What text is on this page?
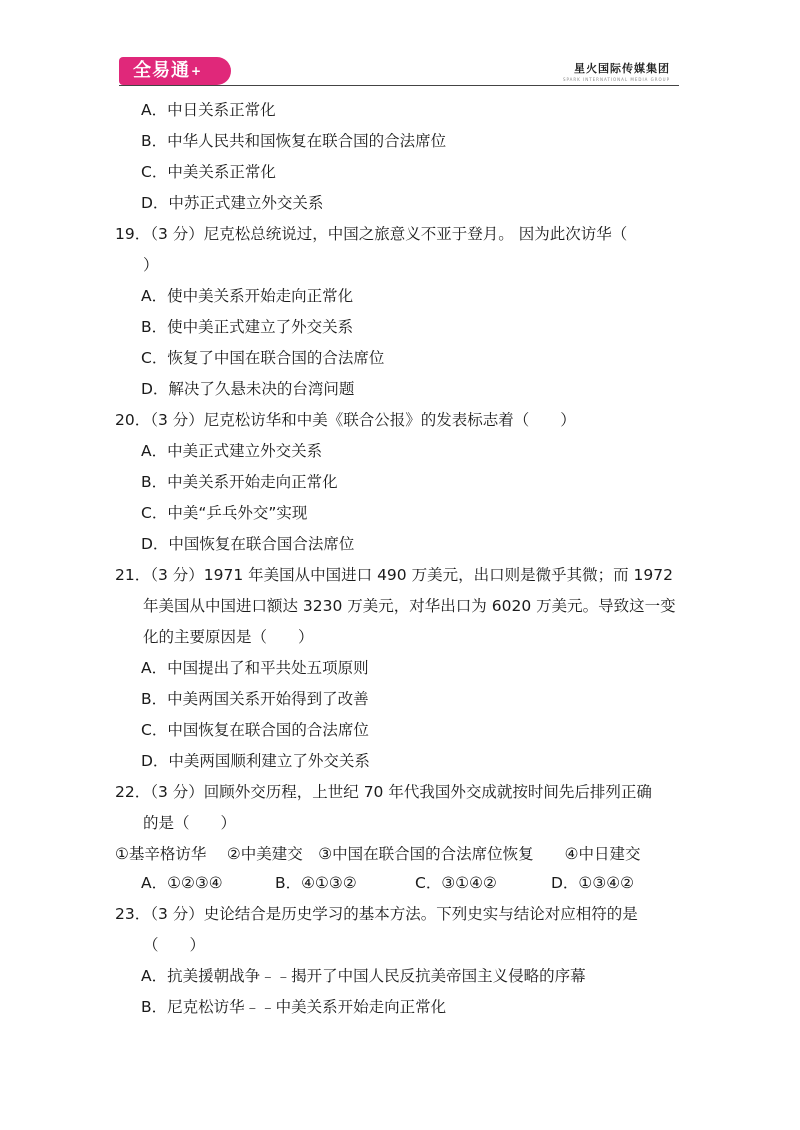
全易通+	星火国际传媒集团
SPARK INTERNATIONAL MEDIA GROUP
A．中日关系正常化
B．中华人民共和国恢复在联合国的合法席位
C．中美关系正常化
D．中苏正式建立外交关系
19．（3 分）尼克松总统说过，中国之旅意义不亚于登月。 因为此次访华（
）
A．使中美关系开始走向正常化
B．使中美正式建立了外交关系
C．恢复了中国在联合国的合法席位
D．解决了久悬未决的台湾问题
20．（3 分）尼克松访华和中美《联合公报》的发表标志着（　　）
A．中美正式建立外交关系
B．中美关系开始走向正常化
C．中美“乒乓外交”实现
D．中国恢复在联合国合法席位
21．（3 分）1971 年美国从中国进口 490 万美元，出口则是微乎其微；而 1972
年美国从中国进口额达 3230 万美元，对华出口为 6020 万美元。导致这一变
化的主要原因是（　　）
A．中国提出了和平共处五项原则
B．中美两国关系开始得到了改善
C．中国恢复在联合国的合法席位
D．中美两国顺利建立了外交关系
22．（3 分）回顾外交历程，上世纪 70 年代我国外交成就按时间先后排列正确
的是（　　）
①基辛格访华　 ②中美建交　③中国在联合国的合法席位恢复　　④中日建交
A．①②③④	B．④①③②	C．③①④②	D．①③④②
23．（3 分）史论结合是历史学习的基本方法。下列史实与结论对应相符的是
（　　）
A．抗美援朝战争﹣﹣揭开了中国人民反抗美帝国主义侵略的序幕
B．尼克松访华﹣﹣中美关系开始走向正常化
